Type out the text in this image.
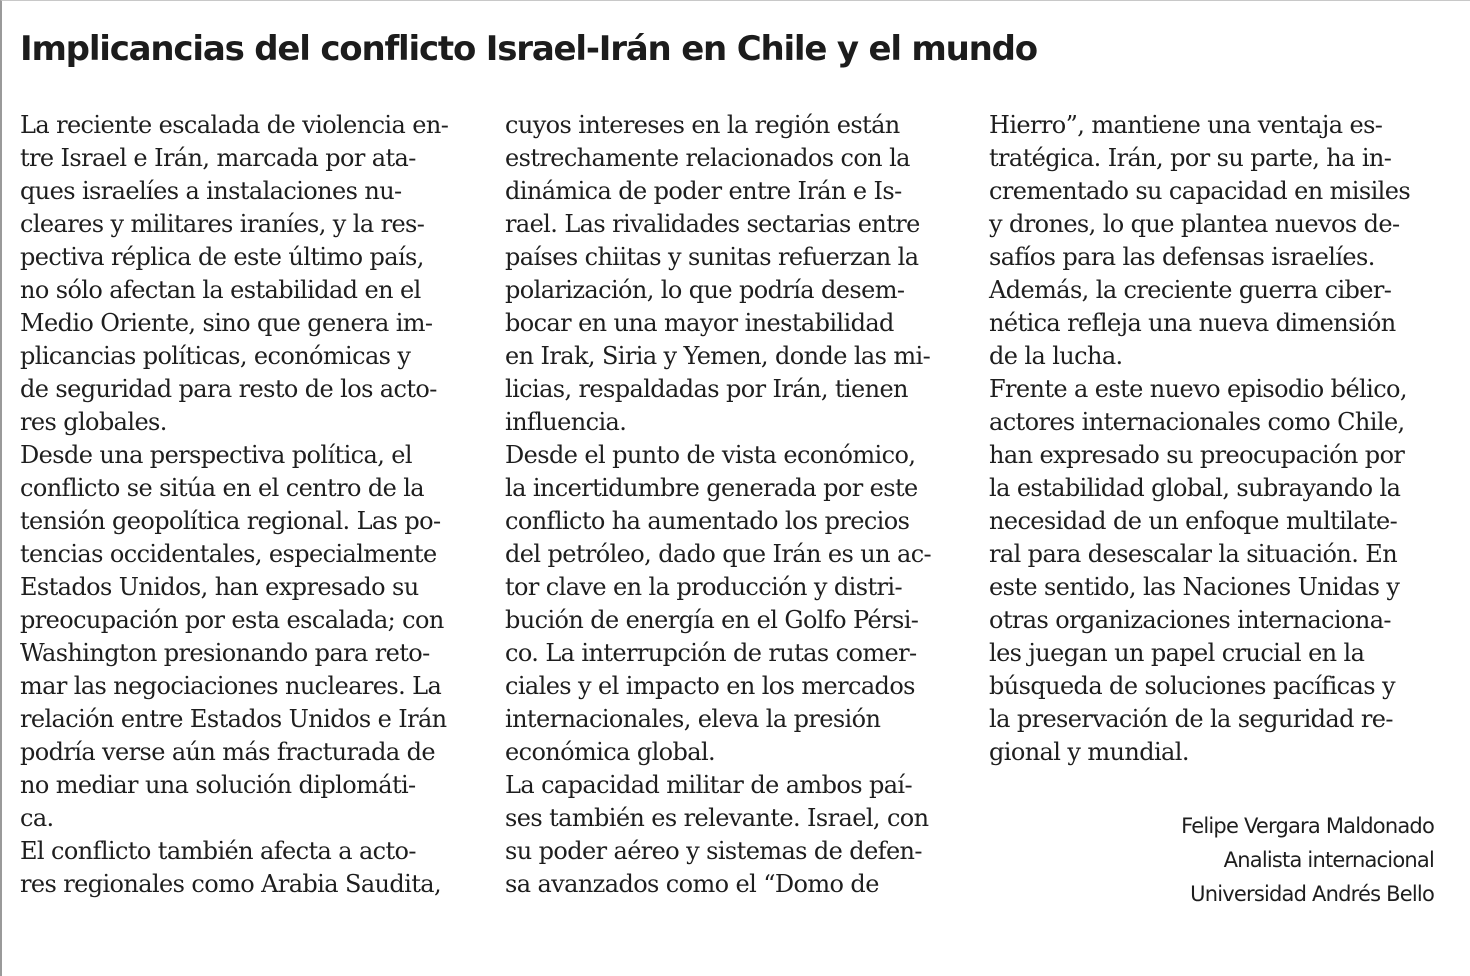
Implicancias del conflicto Israel-Irán en Chile y el mundo
La reciente escalada de violencia en-
tre Israel e Irán, marcada por ata-
ques israelíes a instalaciones nu-
cleares y militares iraníes, y la res-
pectiva réplica de este último país,
no sólo afectan la estabilidad en el
Medio Oriente, sino que genera im-
plicancias políticas, económicas y
de seguridad para resto de los acto-
res globales.
Desde una perspectiva política, el
conflicto se sitúa en el centro de la
tensión geopolítica regional. Las po-
tencias occidentales, especialmente
Estados Unidos, han expresado su
preocupación por esta escalada; con
Washington presionando para reto-
mar las negociaciones nucleares. La
relación entre Estados Unidos e Irán
podría verse aún más fracturada de
no mediar una solución diplomáti-
ca.
El conflicto también afecta a acto-
res regionales como Arabia Saudita,
cuyos intereses en la región están
estrechamente relacionados con la
dinámica de poder entre Irán e Is-
rael. Las rivalidades sectarias entre
países chiitas y sunitas refuerzan la
polarización, lo que podría desem-
bocar en una mayor inestabilidad
en Irak, Siria y Yemen, donde las mi-
licias, respaldadas por Irán, tienen
influencia.
Desde el punto de vista económico,
la incertidumbre generada por este
conflicto ha aumentado los precios
del petróleo, dado que Irán es un ac-
tor clave en la producción y distri-
bución de energía en el Golfo Pérsi-
co. La interrupción de rutas comer-
ciales y el impacto en los mercados
internacionales, eleva la presión
económica global.
La capacidad militar de ambos paí-
ses también es relevante. Israel, con
su poder aéreo y sistemas de defen-
sa avanzados como el “Domo de
Hierro”, mantiene una ventaja es-
tratégica. Irán, por su parte, ha in-
crementado su capacidad en misiles
y drones, lo que plantea nuevos de-
safíos para las defensas israelíes.
Además, la creciente guerra ciber-
nética refleja una nueva dimensión
de la lucha.
Frente a este nuevo episodio bélico,
actores internacionales como Chile,
han expresado su preocupación por
la estabilidad global, subrayando la
necesidad de un enfoque multilate-
ral para desescalar la situación. En
este sentido, las Naciones Unidas y
otras organizaciones internaciona-
les juegan un papel crucial en la
búsqueda de soluciones pacíficas y
la preservación de la seguridad re-
gional y mundial.
Felipe Vergara Maldonado
Analista internacional
Universidad Andrés Bello
